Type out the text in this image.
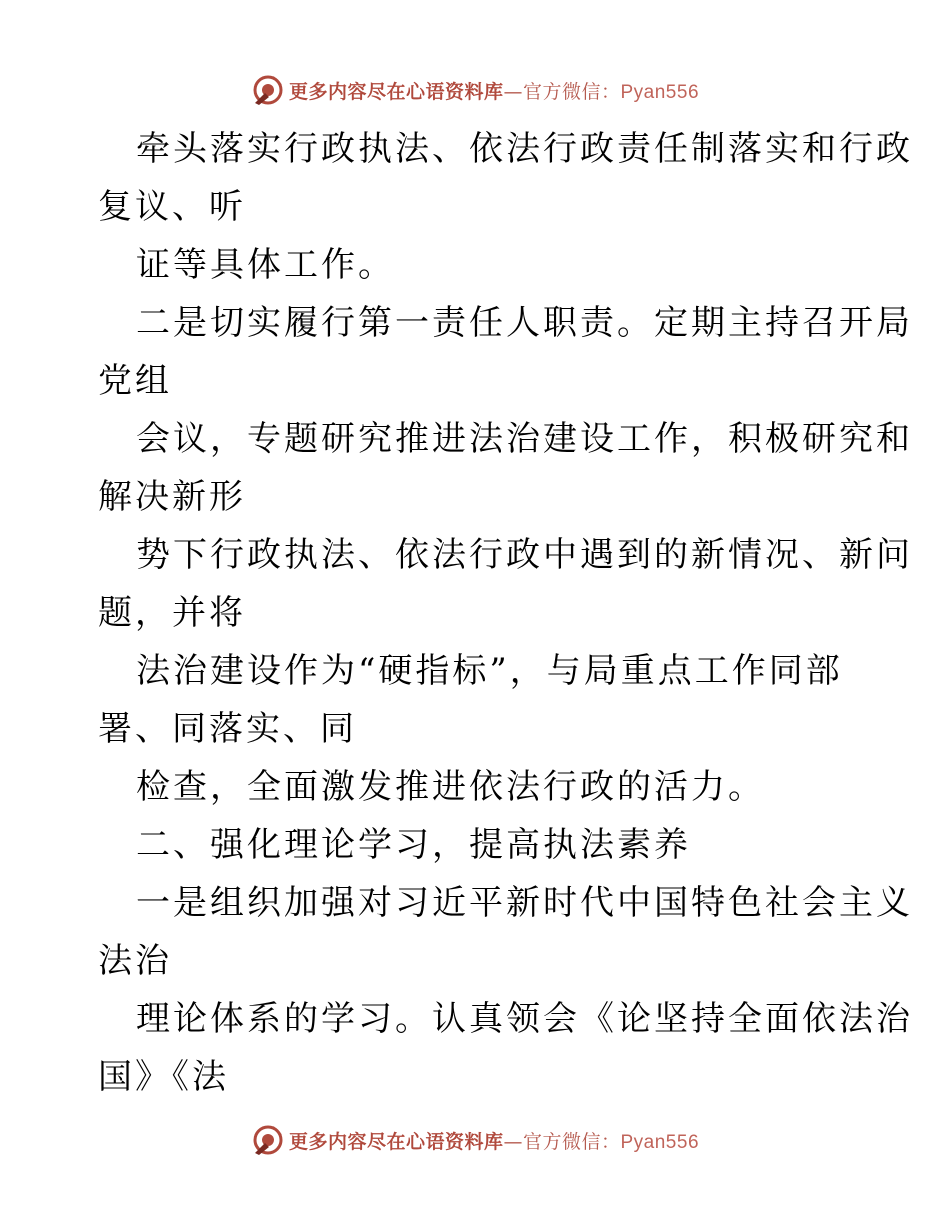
更多内容尽在心语资料库—官方微信：Pyan556
牵头落实行政执法、依法行政责任制落实和行政
复议、听
证等具体工作。
二是切实履行第一责任人职责。定期主持召开局
党组
会议，专题研究推进法治建设工作，积极研究和
解决新形
势下行政执法、依法行政中遇到的新情况、新问
题，并将
法治建设作为“硬指标”，与局重点工作同部
署、同落实、同
检查，全面激发推进依法行政的活力。
二、强化理论学习，提高执法素养
一是组织加强对习近平新时代中国特色社会主义
法治
理论体系的学习。认真领会《论坚持全面依法治
国》《法
更多内容尽在心语资料库—官方微信：Pyan556
